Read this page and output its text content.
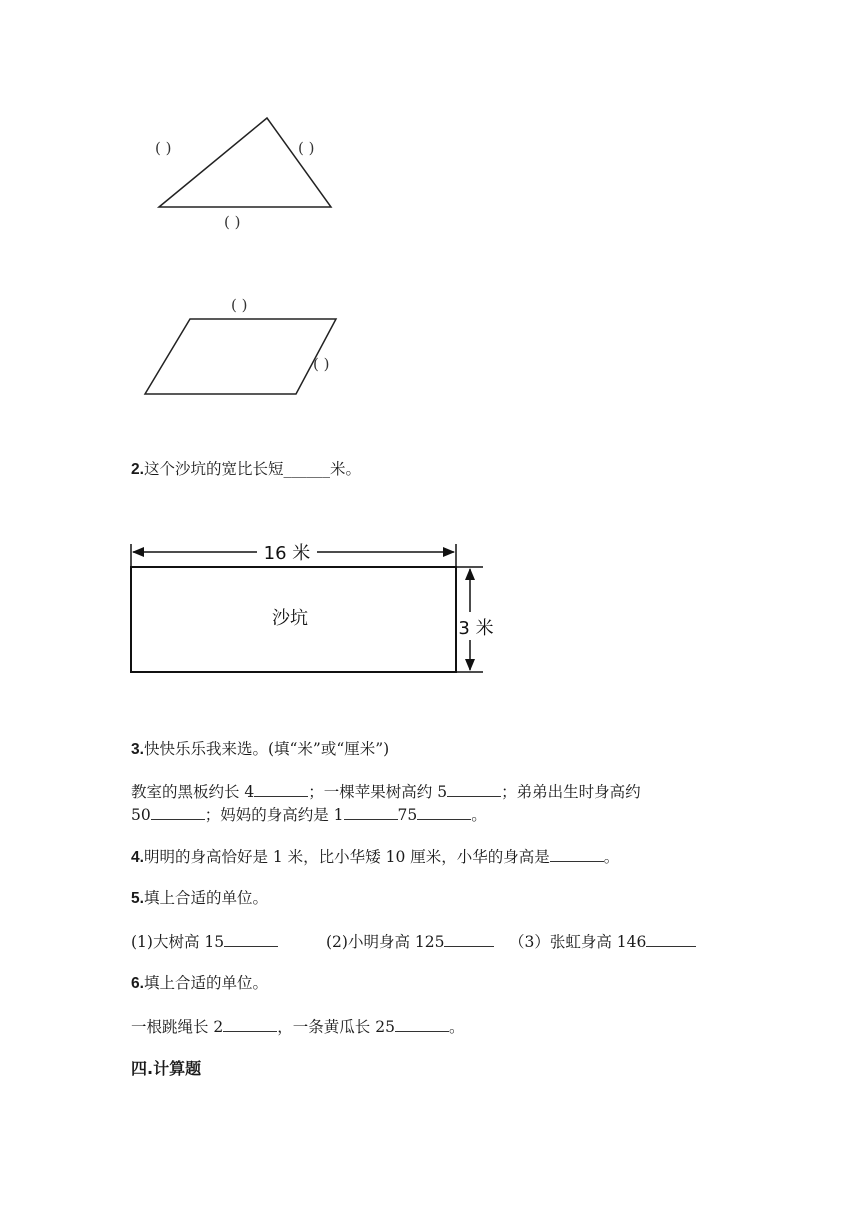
( )	( )
( )
( )
( )
2.这个沙坑的宽比长短______米。
16 米
沙坑	3 米
3.快快乐乐我来选。(填“米”或“厘米”)
教室的黑板约长 4	；一棵苹果树高约 5	；弟弟出生时身高约
50	；妈妈的身高约是 1	75	。
4.明明的身高恰好是 1 米，比小华矮 10 厘米，小华的身高是	。
5.填上合适的单位。
(1)大树高 15	(2)小明身高 125	（3）张虹身高 146
6.填上合适的单位。
一根跳绳长 2	，一条黄瓜长 25	。
四.计算题
